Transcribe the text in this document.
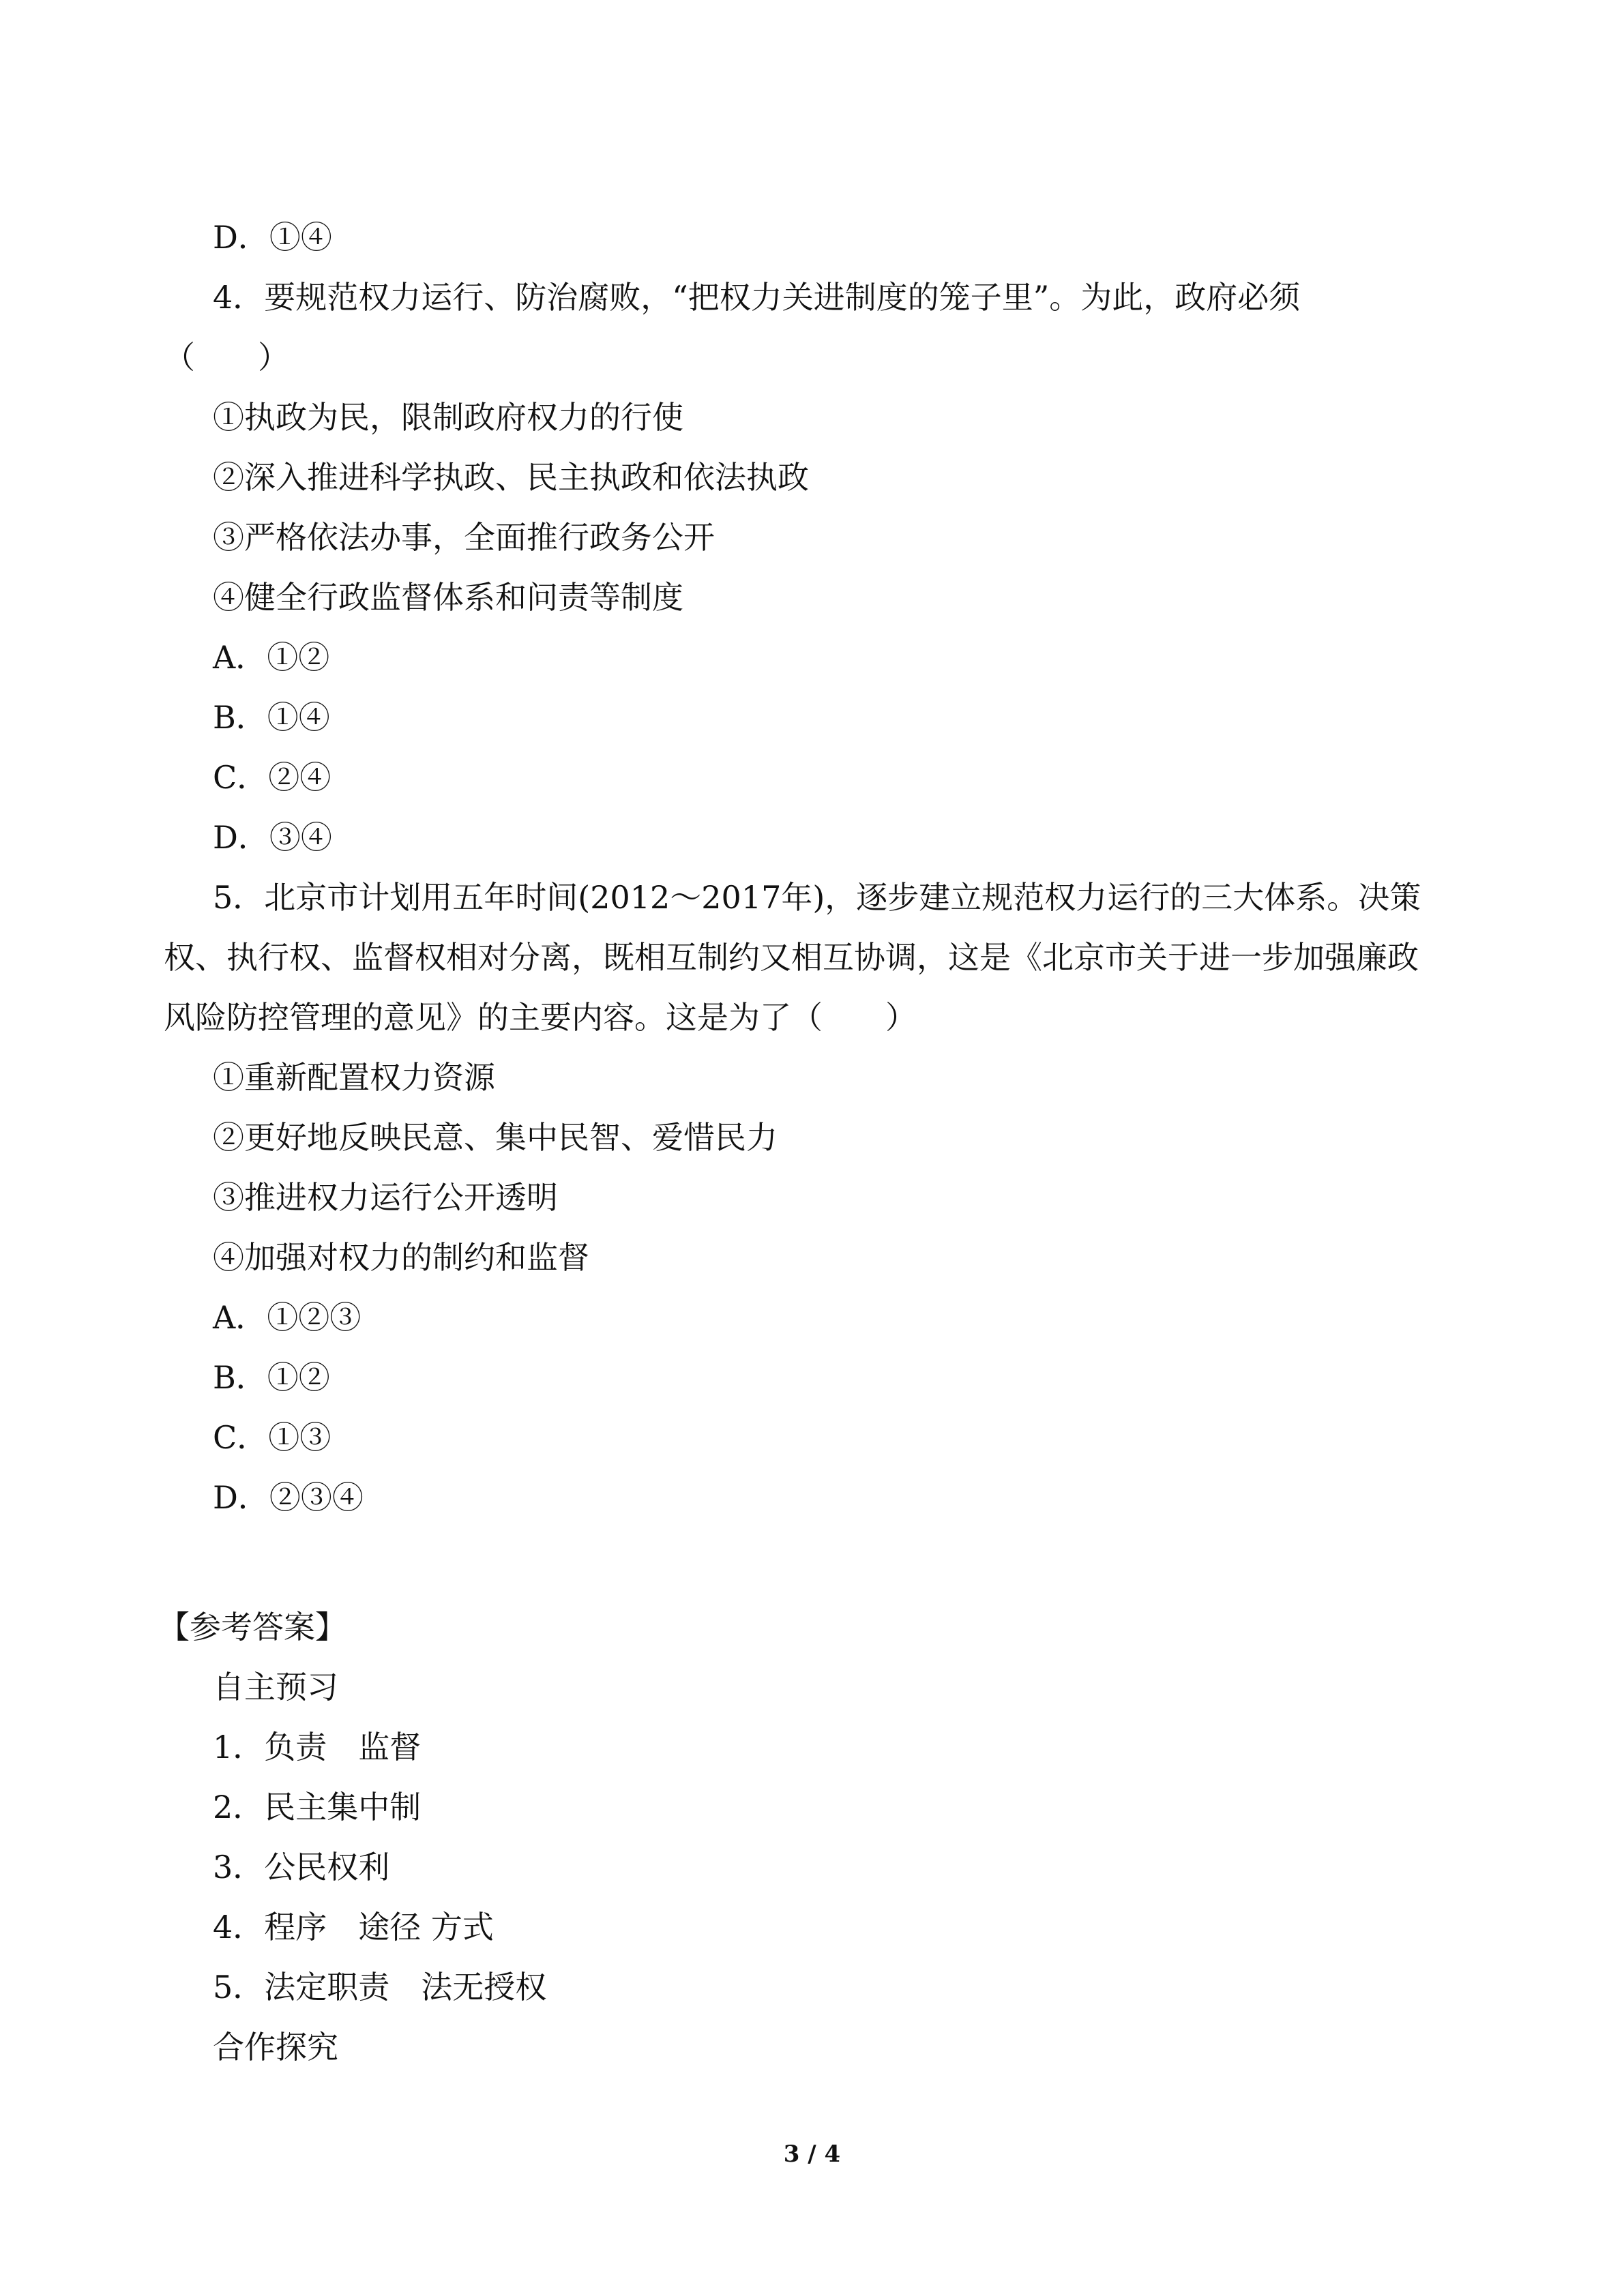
D．①④
4．要规范权力运行、防治腐败，“把权力关进制度的笼子里”。为此，政府必须
（　　）
①执政为民，限制政府权力的行使
②深入推进科学执政、民主执政和依法执政
③严格依法办事，全面推行政务公开
④健全行政监督体系和问责等制度
A．①②
B．①④
C．②④
D．③④
5．北京市计划用五年时间(2012～2017年)，逐步建立规范权力运行的三大体系。决策
权、执行权、监督权相对分离，既相互制约又相互协调，这是《北京市关于进一步加强廉政
风险防控管理的意见》的主要内容。这是为了（　　）
①重新配置权力资源
②更好地反映民意、集中民智、爱惜民力
③推进权力运行公开透明
④加强对权力的制约和监督
A．①②③
B．①②
C．①③
D．②③④
【参考答案】
自主预习
1．负责　监督
2．民主集中制
3．公民权利
4．程序　途径 方式
5．法定职责　法无授权
合作探究
3 / 4
